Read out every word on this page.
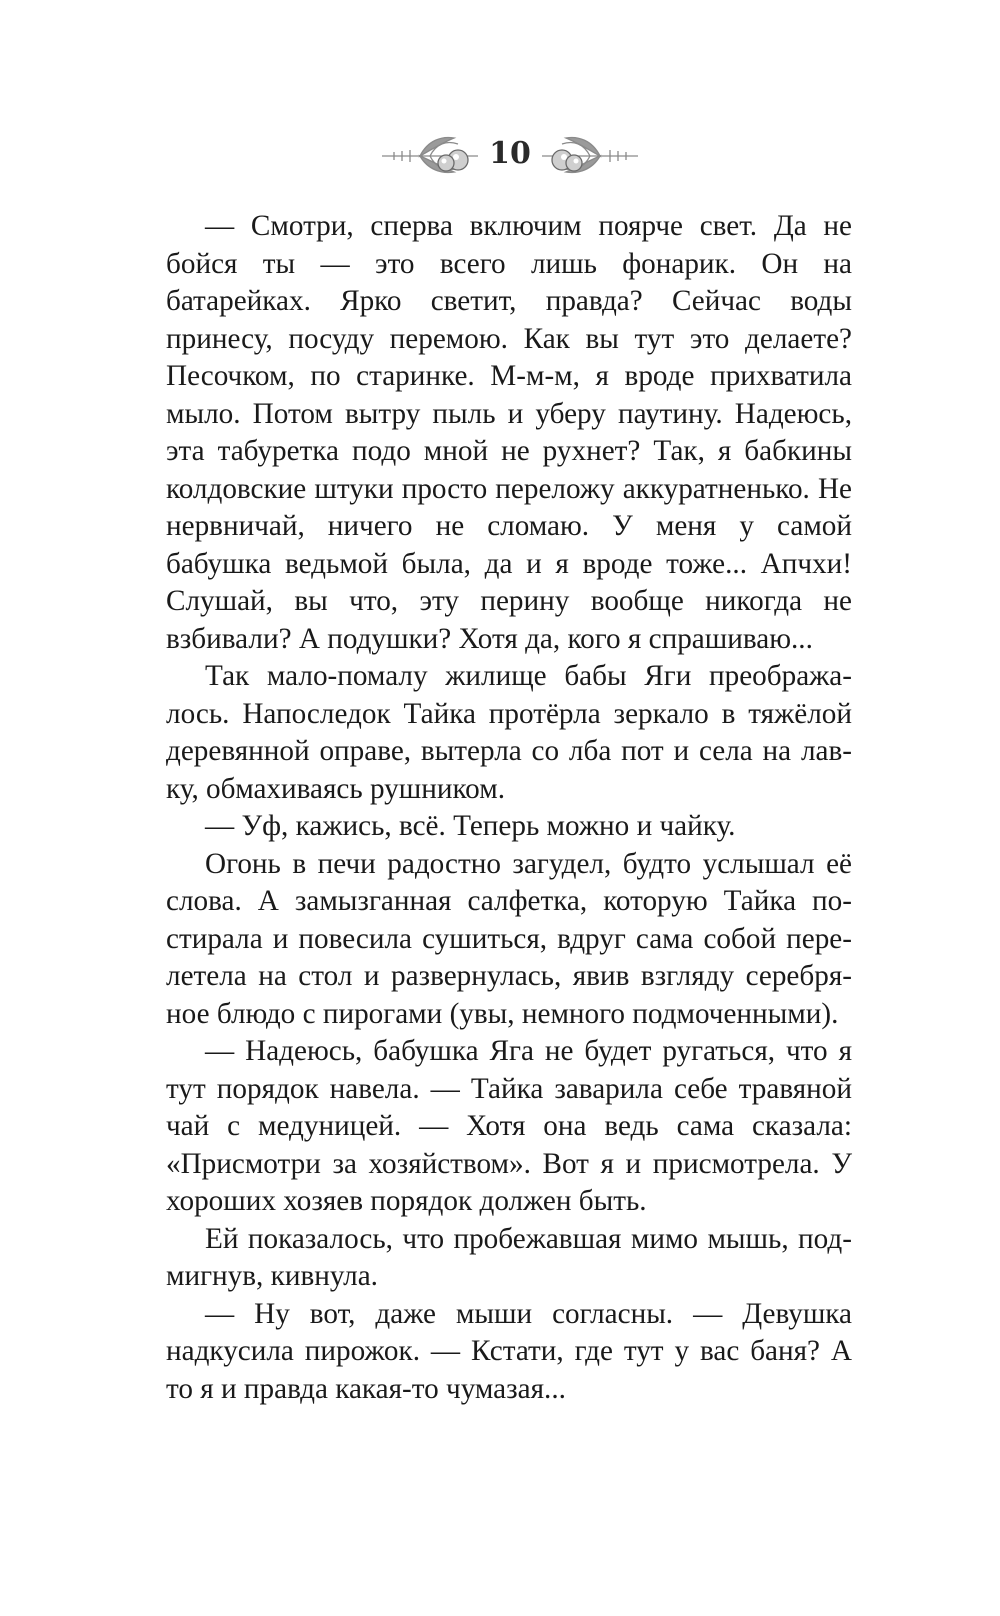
10

— Смотри, сперва включим поярче свет. Да не бойся ты — это всего лишь фонарик. Он на батарейках. Ярко светит, правда? Сейчас воды принесу, посуду перемою. Как вы тут это делаете? Песочком, по старинке. М-м-м, я вроде прихватила мыло. Потом вытру пыль и уберу паутину. Надеюсь, эта табуретка подо мной не рухнет? Так, я бабкины колдовские штуки просто переложу аккуратненько. Не нервничай, ничего не сломаю. У меня у самой бабушка ведьмой была, да и я вроде тоже... Апчхи! Слушай, вы что, эту перину вообще никогда не взбивали? А подушки? Хотя да, кого я спрашиваю...

Так мало-помалу жилище бабы Яги преображалось. Напоследок Тайка протёрла зеркало в тяжёлой деревянной оправе, вытерла со лба пот и села на лавку, обмахиваясь рушником.

— Уф, кажись, всё. Теперь можно и чайку.

Огонь в печи радостно загудел, будто услышал её слова. А замызганная салфетка, которую Тайка постирала и повесила сушиться, вдруг сама собой перелетела на стол и развернулась, явив взгляду серебряное блюдо с пирогами (увы, немного подмоченными).

— Надеюсь, бабушка Яга не будет ругаться, что я тут порядок навела. — Тайка заварила себе травяной чай с медуницей. — Хотя она ведь сама сказала: «Присмотри за хозяйством». Вот я и присмотрела. У хороших хозяев порядок должен быть.

Ей показалось, что пробежавшая мимо мышь, подмигнув, кивнула.

— Ну вот, даже мыши согласны. — Девушка надкусила пирожок. — Кстати, где тут у вас баня? А то я и правда какая-то чумазая...
